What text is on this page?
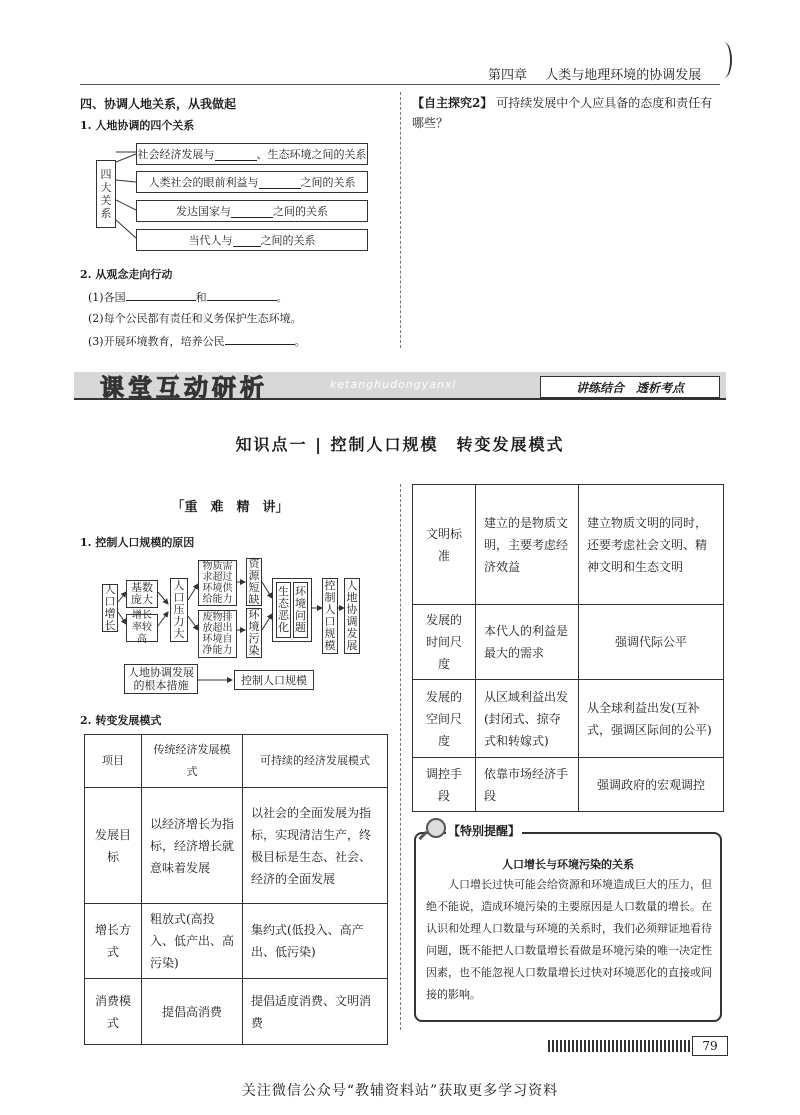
第四章 人类与地理环境的协调发展
四、协调人地关系，从我做起
1. 人地协调的四个关系
四大关系
社会经济发展与	、生态环境之间的关系
人类社会的眼前利益与	之间的关系
发达国家与	之间的关系
当代人与	之间的关系
2. 从观念走向行动
(1)各国	和	。
(2)每个公民都有责任和义务保护生态环境。
(3)开展环境教育，培养公民	。
【自主探究2】 可持续发展中个人应具备的态度和责任有哪些？
课堂互动研析	ketanghudongyanxi	讲练结合　透析考点
知识点一 | 控制人口规模　转变发展模式
「重　难　精　讲」
1. 控制人口规模的原因
人口增长
基数庞大
增长率较高
人口压力大
物质需求超过环境供给能力
废物排放超出环境自净能力
资源短缺
环境污染
生态恶化
环境问题
控制人口规模
人地协调发展
人地协调发展的根本措施	控制人口规模
2. 转变发展模式
项目	传统经济发展模式	可持续的经济发展模式
发展目标	以经济增长为指标，经济增长就意味着发展	以社会的全面发展为指标，实现清洁生产，终极目标是生态、社会、经济的全面发展
增长方式	粗放式(高投入、低产出、高污染)	集约式(低投入、高产出、低污染)
消费模式	提倡高消费	提倡适度消费、文明消费
文明标准	建立的是物质文明，主要考虑经济效益	建立物质文明的同时，还要考虑社会文明、精神文明和生态文明
发展的时间尺度	本代人的利益是最大的需求	强调代际公平
发展的空间尺度	从区域利益出发(封闭式、掠夺式和转嫁式)	从全球利益出发(互补式，强调区际间的公平)
调控手段	依靠市场经济手段	强调政府的宏观调控
【特别提醒】
人口增长与环境污染的关系
人口增长过快可能会给资源和环境造成巨大的压力，但绝不能说，造成环境污染的主要原因是人口数量的增长。在认识和处理人口数量与环境的关系时，我们必须辩证地看待问题，既不能把人口数量增长看做是环境污染的唯一决定性因素，也不能忽视人口数量增长过快对环境恶化的直接或间接的影响。
79
关注微信公众号“教辅资料站”获取更多学习资料
